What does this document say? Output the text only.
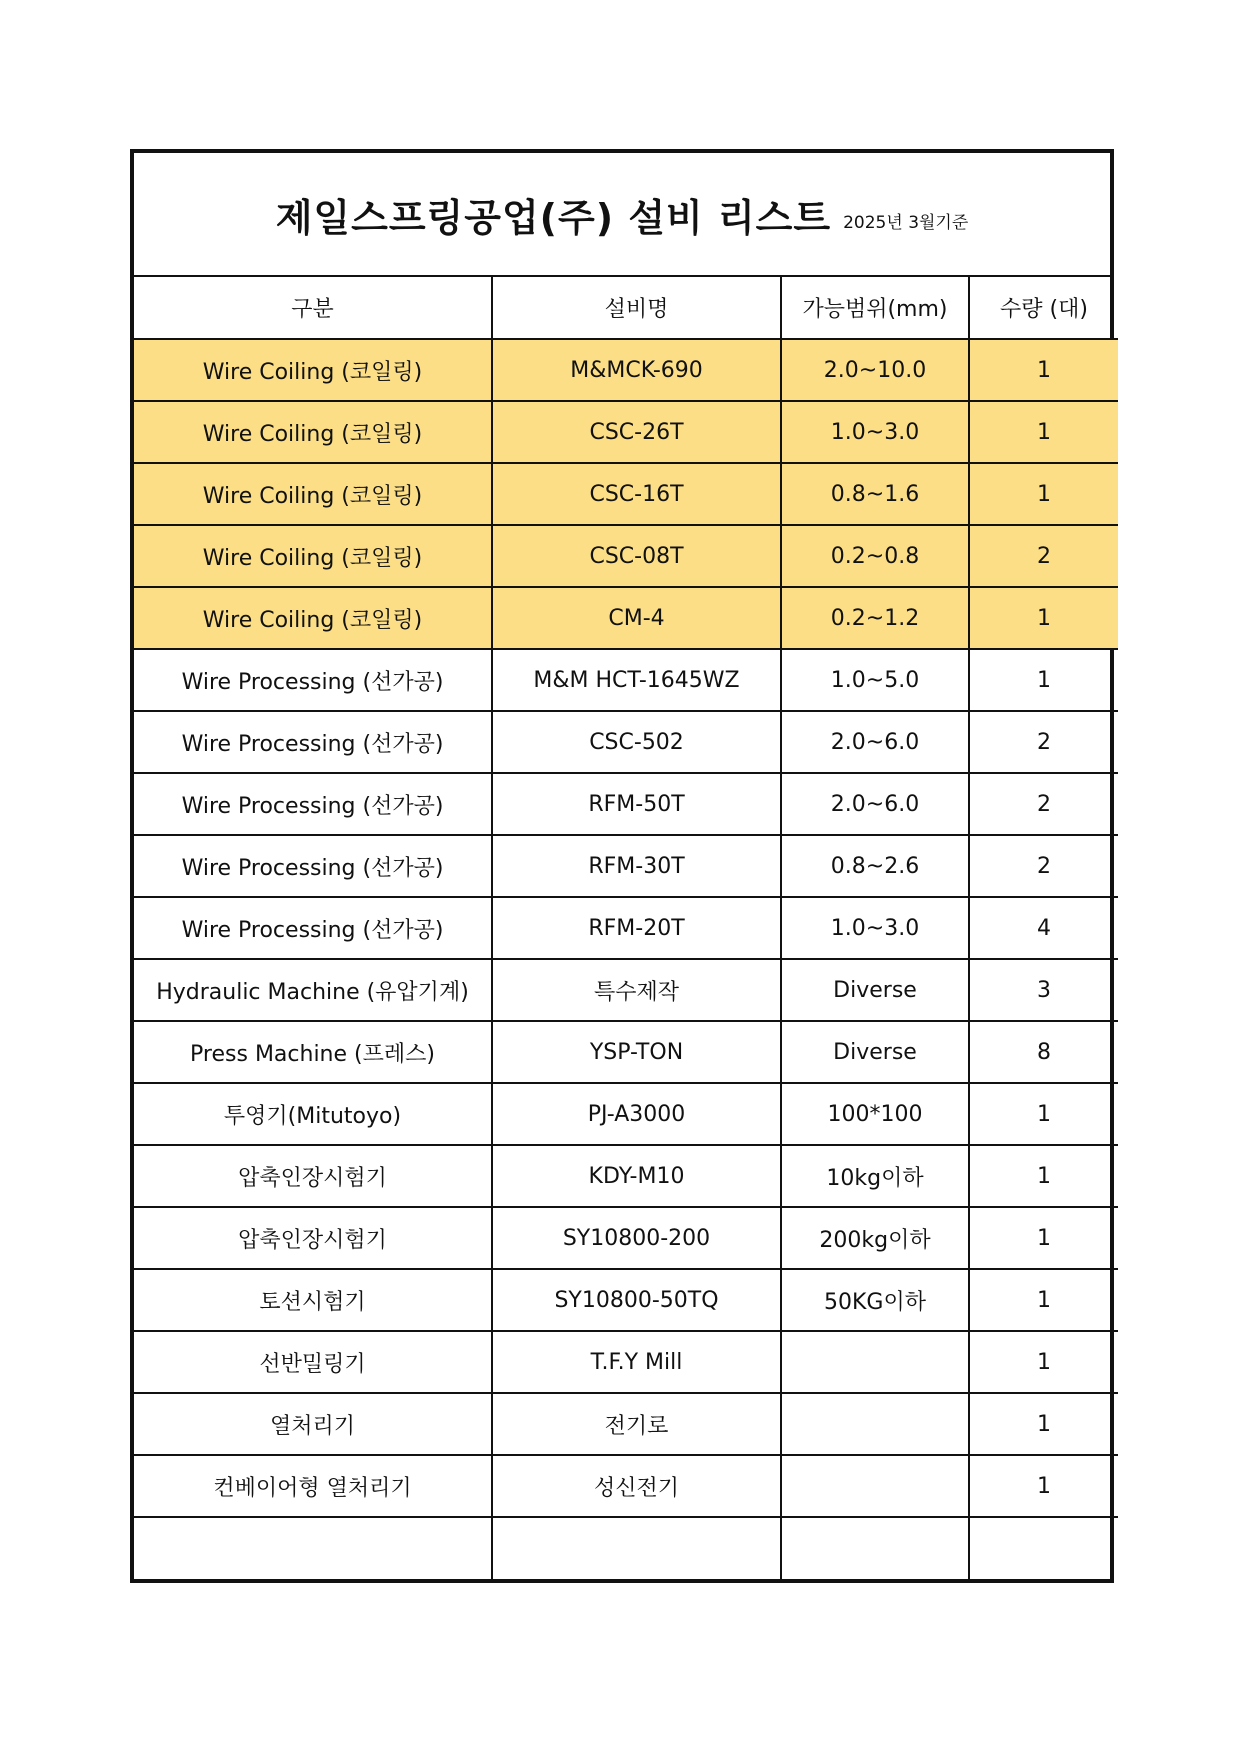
제일스프링공업(주) 설비 리스트 2025년 3월기준
구분	설비명	가능범위(mm)	수량 (대)
Wire Coiling (코일링)	M&MCK-690	2.0~10.0	1
Wire Coiling (코일링)	CSC-26T	1.0~3.0	1
Wire Coiling (코일링)	CSC-16T	0.8~1.6	1
Wire Coiling (코일링)	CSC-08T	0.2~0.8	2
Wire Coiling (코일링)	CM-4	0.2~1.2	1
Wire Processing (선가공)	M&M HCT-1645WZ	1.0~5.0	1
Wire Processing (선가공)	CSC-502	2.0~6.0	2
Wire Processing (선가공)	RFM-50T	2.0~6.0	2
Wire Processing (선가공)	RFM-30T	0.8~2.6	2
Wire Processing (선가공)	RFM-20T	1.0~3.0	4
Hydraulic Machine (유압기계)	특수제작	Diverse	3
Press Machine (프레스)	YSP-TON	Diverse	8
투영기(Mitutoyo)	PJ-A3000	100*100	1
압축인장시험기	KDY-M10	10kg이하	1
압축인장시험기	SY10800-200	200kg이하	1
토션시험기	SY10800-50TQ	50KG이하	1
선반밀링기	T.F.Y Mill		1
열처리기	전기로		1
컨베이어형 열처리기	성신전기		1
